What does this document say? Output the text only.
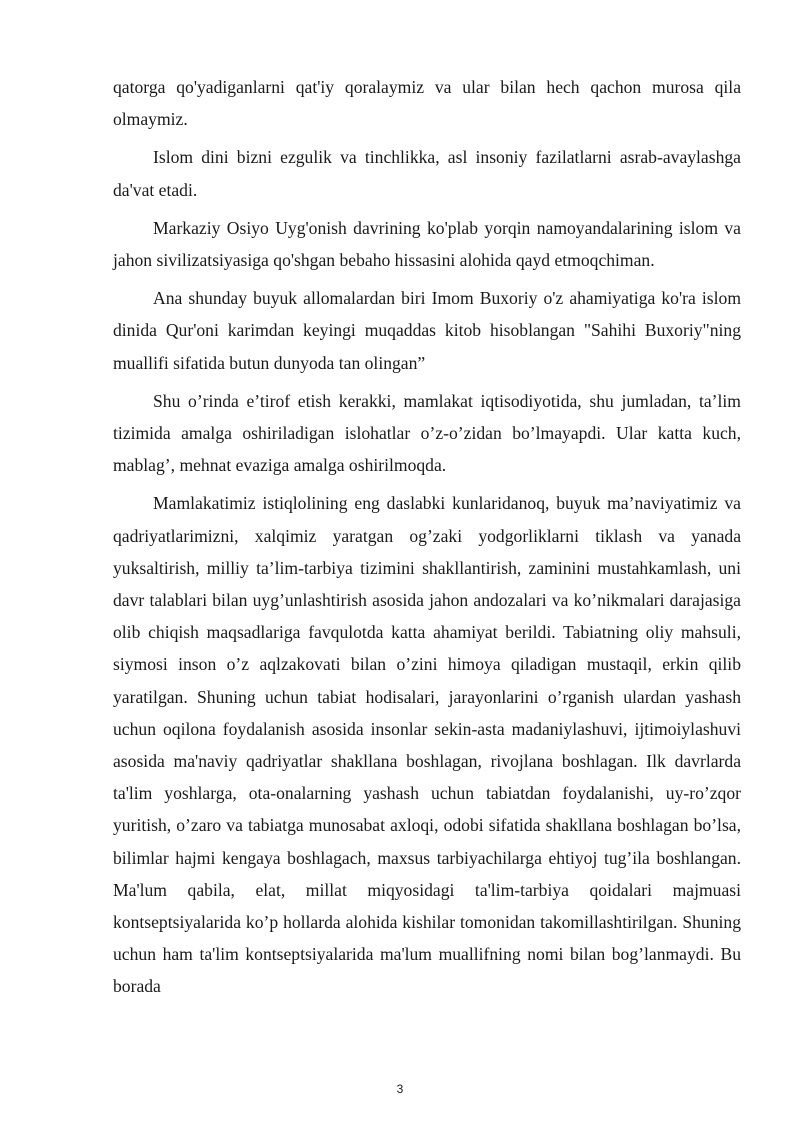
qatorga qo'yadiganlarni qat'iy qoralaymiz va ular bilan hech qachon murosa qila olmaymiz.

Islom dini bizni ezgulik va tinchlikka, asl insoniy fazilatlarni asrab-avaylashga da'vat etadi.

Markaziy Osiyo Uyg'onish davrining ko'plab yorqin namoyandalarining islom va jahon sivilizatsiyasiga qo'shgan bebaho hissasini alohida qayd etmoqchiman.

Ana shunday buyuk allomalardan biri Imom Buxoriy o'z ahamiyatiga ko'ra islom dinida Qur'oni karimdan keyingi muqaddas kitob hisoblangan "Sahihi Buxoriy"ning muallifi sifatida butun dunyoda tan olingan”

Shu o’rinda e’tirof etish kerakki, mamlakat iqtisodiyotida, shu jumladan, ta’lim tizimida amalga oshiriladigan islohatlar o’z-o’zidan bo’lmayapdi. Ular katta kuch, mablag’, mehnat evaziga amalga oshirilmoqda.

Mamlakatimiz istiqlolining eng daslabki kunlaridanoq, buyuk ma’naviyatimiz va qadriyatlarimizni, xalqimiz yaratgan og’zaki yodgorliklarni tiklash va yanada yuksaltirish, milliy ta’lim-tarbiya tizimini shakllantirish, zaminini mustahkamlash, uni davr talablari bilan uyg’unlashtirish asosida jahon andozalari va ko’nikmalari darajasiga olib chiqish maqsadlariga favqulotda katta ahamiyat berildi. Tabiatning oliy mahsuli, siymosi inson o’z aqlzakovati bilan o’zini himoya qiladigan mustaqil, erkin qilib yaratilgan. Shuning uchun tabiat hodisalari, jarayonlarini o’rganish ulardan yashash uchun oqilona foydalanish asosida insonlar sekin-asta madaniylashuvi, ijtimoiylashuvi asosida ma'naviy qadriyatlar shakllana boshlagan, rivojlana boshlagan. Ilk davrlarda ta'lim yoshlarga, ota-onalarning yashash uchun tabiatdan foydalanishi, uy-ro’zqor yuritish, o’zaro va tabiatga munosabat axloqi, odobi sifatida shakllana boshlagan bo’lsa, bilimlar hajmi kengaya boshlagach, maxsus tarbiyachilarga ehtiyoj tug’ila boshlangan. Ma'lum qabila, elat, millat miqyosidagi ta'lim-tarbiya qoidalari majmuasi kontseptsiyalarida ko’p hollarda alohida kishilar tomonidan takomillashtirilgan. Shuning uchun ham ta'lim kontseptsiyalarida ma'lum muallifning nomi bilan bog’lanmaydi. Bu borada

3
